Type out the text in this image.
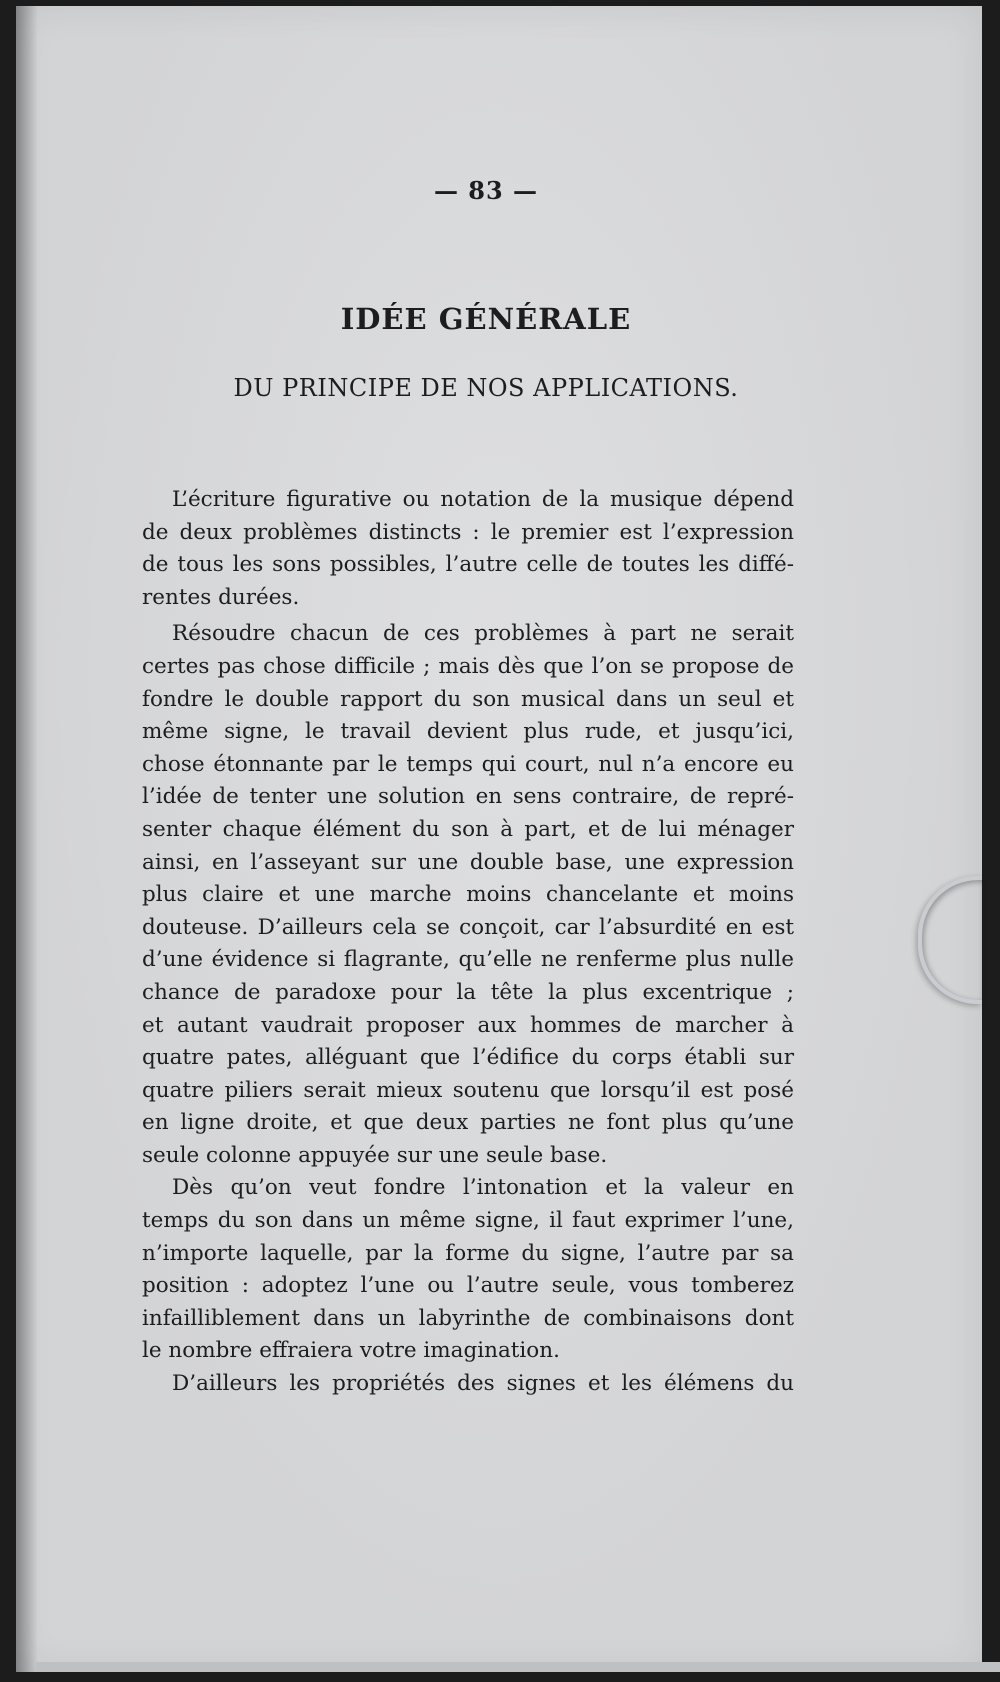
— 83 —
IDÉE GÉNÉRALE
DU PRINCIPE DE NOS APPLICATIONS.
L’écriture figurative ou notation de la musique dépend
de deux problèmes distincts : le premier est l’expression
de tous les sons possibles, l’autre celle de toutes les diffé-
rentes durées.
Résoudre chacun de ces problèmes à part ne serait
certes pas chose difficile ; mais dès que l’on se propose de
fondre le double rapport du son musical dans un seul et
même signe, le travail devient plus rude, et jusqu’ici,
chose étonnante par le temps qui court, nul n’a encore eu
l’idée de tenter une solution en sens contraire, de repré-
senter chaque élément du son à part, et de lui ménager
ainsi, en l’asseyant sur une double base, une expression
plus claire et une marche moins chancelante et moins
douteuse. D’ailleurs cela se conçoit, car l’absurdité en est
d’une évidence si flagrante, qu’elle ne renferme plus nulle
chance de paradoxe pour la tête la plus excentrique ;
et autant vaudrait proposer aux hommes de marcher à
quatre pates, alléguant que l’édifice du corps établi sur
quatre piliers serait mieux soutenu que lorsqu’il est posé
en ligne droite, et que deux parties ne font plus qu’une
seule colonne appuyée sur une seule base.
Dès qu’on veut fondre l’intonation et la valeur en
temps du son dans un même signe, il faut exprimer l’une,
n’importe laquelle, par la forme du signe, l’autre par sa
position : adoptez l’une ou l’autre seule, vous tomberez
infailliblement dans un labyrinthe de combinaisons dont
le nombre effraiera votre imagination.
D’ailleurs les propriétés des signes et les élémens du
